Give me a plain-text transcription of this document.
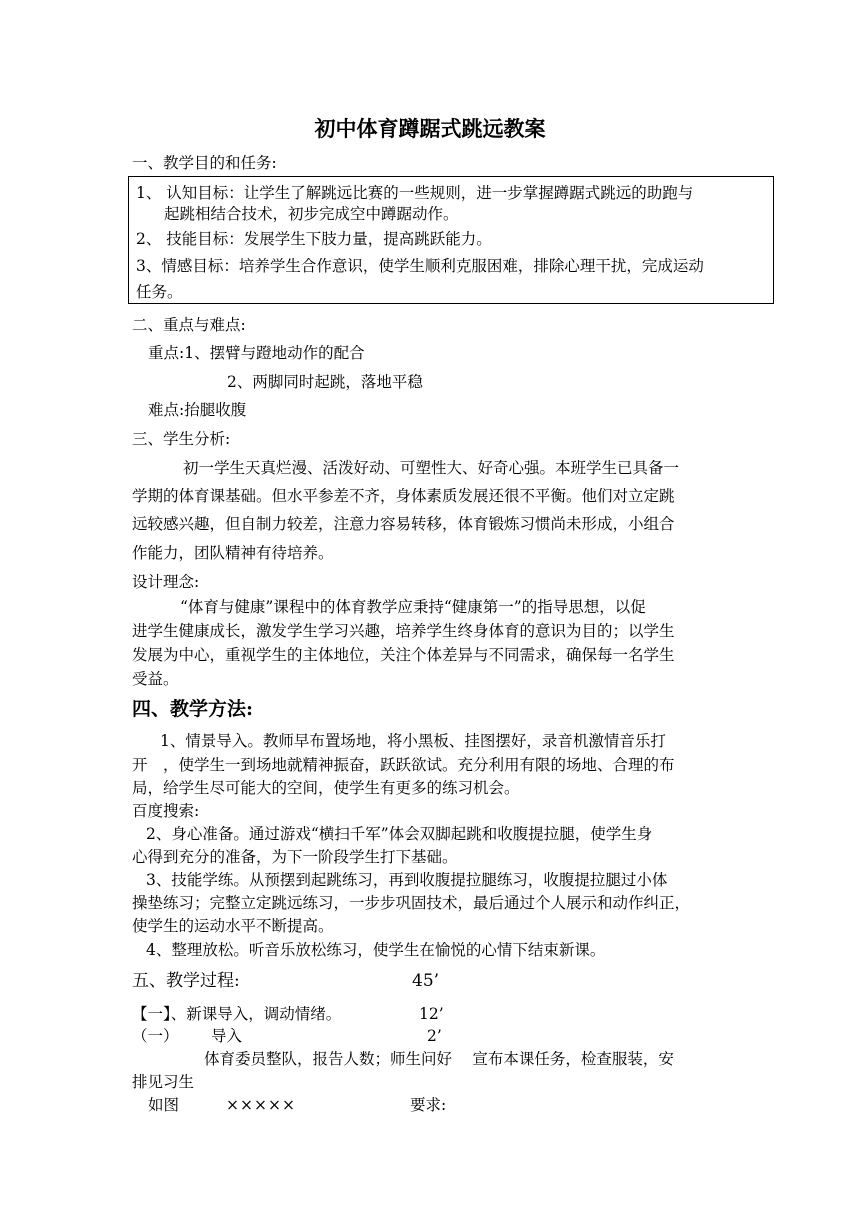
初中体育蹲踞式跳远教案

一、教学目的和任务:

1、 认知目标：让学生了解跳远比赛的一些规则，进一步掌握蹲踞式跳远的助跑与

起跳相结合技术，初步完成空中蹲踞动作。

2、 技能目标：发展学生下肢力量，提高跳跃能力。

3、情感目标：培养学生合作意识，使学生顺利克服困难，排除心理干扰，完成运动

任务。

二、重点与难点:

重点:1、摆臂与蹬地动作的配合

2、两脚同时起跳，落地平稳

难点:抬腿收腹

三、学生分析:

初一学生天真烂漫、活泼好动、可塑性大、好奇心强。本班学生已具备一

学期的体育课基础。但水平参差不齐，身体素质发展还很不平衡。他们对立定跳

远较感兴趣，但自制力较差，注意力容易转移，体育锻炼习惯尚未形成，小组合

作能力，团队精神有待培养。

设计理念:

“体育与健康”课程中的体育教学应秉持“健康第一”的指导思想，以促

进学生健康成长，激发学生学习兴趣，培养学生终身体育的意识为目的；以学生

发展为中心，重视学生的主体地位，关注个体差异与不同需求，确保每一名学生

受益。

四、教学方法:

1、情景导入。教师早布置场地，将小黑板、挂图摆好，录音机激情音乐打

开　，使学生一到场地就精神振奋，跃跃欲试。充分利用有限的场地、合理的布

局，给学生尽可能大的空间，使学生有更多的练习机会。

百度搜索:

2、身心准备。通过游戏“横扫千军”体会双脚起跳和收腹提拉腿，使学生身

心得到充分的准备，为下一阶段学生打下基础。

3、技能学练。从预摆到起跳练习，再到收腹提拉腿练习，收腹提拉腿过小体

操垫练习；完整立定跳远练习，一步步巩固技术，最后通过个人展示和动作纠正，

使学生的运动水平不断提高。

4、整理放松。听音乐放松练习，使学生在愉悦的心情下结束新课。

五、教学过程:	45’

【一】、新课导入，调动情绪。	12’

（一） 导入	2’

体育委员整队，报告人数；师生问好　 宣布本课任务，检查服装，安

排见习生

如图	×××××	要求:
